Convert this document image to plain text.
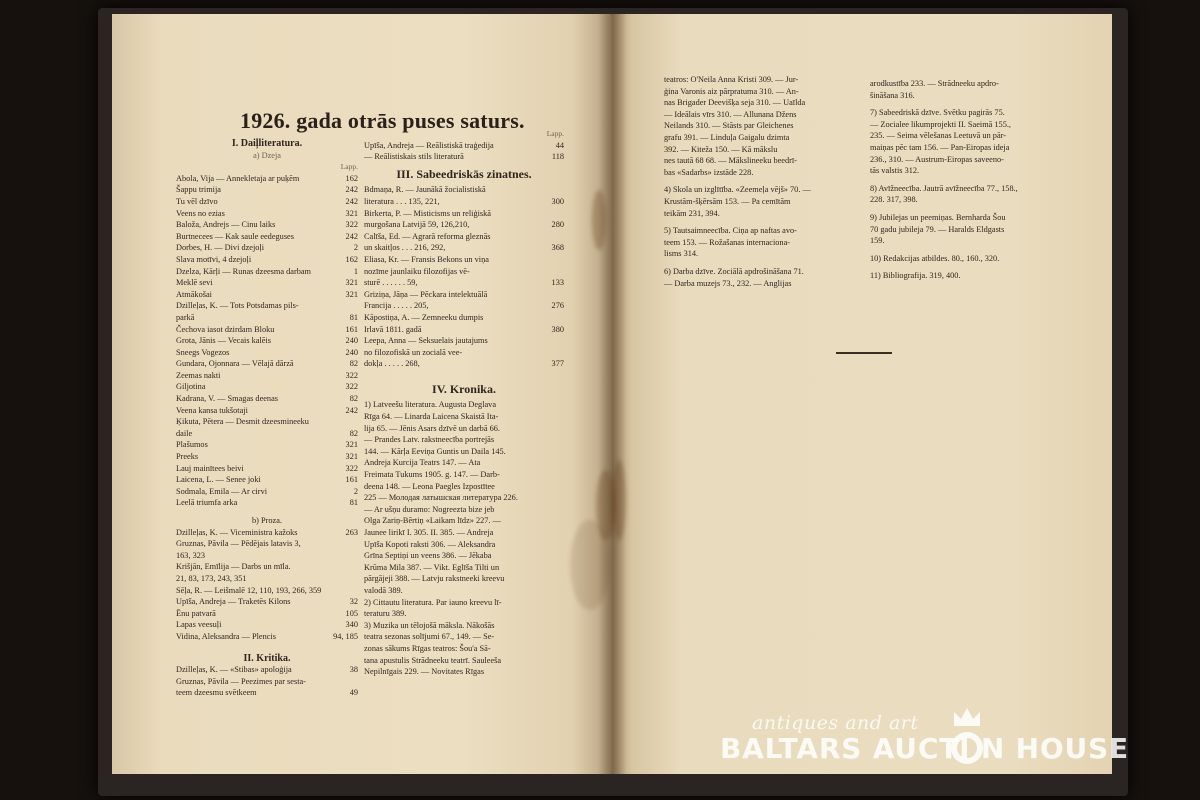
1926. gada otrās puses saturs.
I. Daiļliteratura.
a) Dzeja
Lapp.
Abola, Vija — Annekletaja ar puķēm	162
Šappu trimija	242
Tu vēl dzīvo	242
Veens no ezias	321
Baloža, Andrejs — Cinu laiks	322
Burtnecees — Kak saule eedeguses	242
Dorbes, H. — Divi dzejoļi	2
Slava motīvi, 4 dzejoļi	162
Dzelza, Kārļi — Runas dzeesma darbam	1
Meklē sevi	321
Atmākošai	321
Dzilleļas, K. — Tots Potsdamas pils-
parkā	81
Čechova iasot dzirdam Bloku	161
Grota, Jānis — Vecais kalēis	240
Sneegs Vogezos	240
Gundara, Ojonnara — Vēlajā dārzā	82
Zeemas nakti	322
Giljotina	322
Kadrana, V. — Smagas deenas	82
Veena kansa tukšotaji	242
Ķikuta, Pētera — Desmit dzeesmineeku
daile	82
Plašumos	321
Preeks	321
Lauj mainītees beivi	322
Laicena, L. — Senee joki	161
Sodmala, Emila — Ar cirvi	2
Leelā triumfa arka	81
b) Proza.
Dzilleļas, K. — Viceministra kažoks	263
Gruznas, Pāvila — Pēdējais latavis 3,
163, 323
Krišjān, Emīlija — Darbs un mīla.
21, 83, 173, 243, 351
Sēļa, R. — Leišmalē 12, 110, 193, 266, 359
Upīša, Andreja — Traketēs Kilons	32
Ēnu patvarā	105
Lapas veesuļi	340
Vidina, Aleksandra — Plencis	94, 185
II. Kritika.
Dzilleļas, K. — «Stibas» apoloģija	38
Gruznas, Pāvila — Peezimes par sesta-
teem dzeesmu svētkeem	49
Lapp.
Upīša, Andreja — Reālistiskā traģedija	44
— Reālistiskais stils literaturā	118
III. Sabeedriskās zinatnes.
Bdmaņa, R. — Jaunākā žocialistiskā
literatura . . . 135, 221,	300
Birkerta, P. — Misticisms un reliģiskā
murgošana Latvijā 59, 126,210,	280
Calīša, Ed. — Agrarā reforma gleznās
un skaitļos . . . 216, 292,	368
Eliasa, Kr. — Fransis Bekons un viņa
nozīme jaunlaiku filozofijas vē-
sturē . . . . . . 59,	133
Griziņa, Jāņa — Pēckara intelektuālā
Francija . . . . . 205,	276
Kāpostiņa, A. — Zemneeku dumpis
Irlavā 1811. gadā	380
Leepa, Anna — Seksuelais jautajums
no filozofiskā un zocialā vee-
dokļa . . . . . 268,	377
IV. Kronika.
1) Latveešu literatura. Augusta Deglava
Rīga 64. — Linarda Laicena Skaistā Ita-
lija 65. — Jēnis Asars dzīvē un darbā 66.
— Prandes Latv. rakstneecība portrejās
144. — Kārļa Eeviņa Guntis un Daila 145.
Andreja Kurcija Teatrs 147. — Ata
Freimata Tukums 1905. g. 147. — Darb-
deena 148. — Leona Paegles Izpostītee
225 — Молодая латышская литература 226.
— Ar ušņu duramo: Nogreezta bize jeb
Olga Zariņ-Bērtiņ «Laikam līdz» 227. —
Jaunee lirikī I. 305. II. 385. — Andreja
Upīša Kopoti raksti 306. — Aleksandra
Grīna Septiņi un veens 386. — Jēkaba
Krūma Mila 387. — Vikt. Eglīša Tilti un
pārgājeji 388. — Latvju rakstneeki kreevu
valodā 389.
2) Cittautu literatura. Par iauno kreevu lī-
teraturu 389.
3) Muzika un tēlojošā māksla. Nākošās
teatra sezonas solījumi 67., 149. — Se-
zonas sākums Rīgas teatros: Šou'a Sā-
tana apustulis Strādneeku teatrī. Sauleeša
Nepilnīgais 229. — Novitates Rīgas
teatros: O'Neila Anna Kristi 309. — Jur-
ģina Varonis aiz pārpratuma 310. — An-
nas Brigader Deevišķa seja 310. — Uaīlda
— Ideālais vīrs 310. — Allunana Džens
Neilands 310. — Stāsts par Gleichenes
grafu 391. — Linduļa Gaigalu dzimta
392. — Kiteža 150. — Kā mākslu
nes tautā 68 68. — Mākslineeku beedrī-
bas «Sadarbs» izstāde 228.
4) Skola un izglītība. «Zeemeļa vējš» 70. —
Krustām-šķērsām 153. — Pa cemītām
teikām 231, 394.
5) Tautsaimneecība. Ciņa ap naftas avo-
teem 153. — Rožašanas internaciona-
lisms 314.
6) Darba dzīve. Zociālā apdrošināšana 71.
— Darba muzejs 73., 232. — Anglijas
arodkustība 233. — Strādneeku apdro-
šināšana 316.
7) Sabeedriskā dzīve. Svētku pagirās 75.
— Zocialee likumprojekti II. Saeimā 155.,
235. — Seima vēlešanas Leetuvā un pār-
maiņas pēc tam 156. — Pan-Eiropas ideja
236., 310. — Austrum-Eiropas saveeno-
tās valstis 312.
8) Avīžneecība. Jautrā avīžneecība 77., 158.,
228. 317, 398.
9) Jubilejas un peemiņas. Bernharda Šou
70 gadu jubileja 79. — Haralds Eldgasts
159.
10) Redakcijas atbildes. 80., 160., 320.
11) Bibliografija. 319, 400.
antiques and art
BALTARS AUCTI N HOUSE
